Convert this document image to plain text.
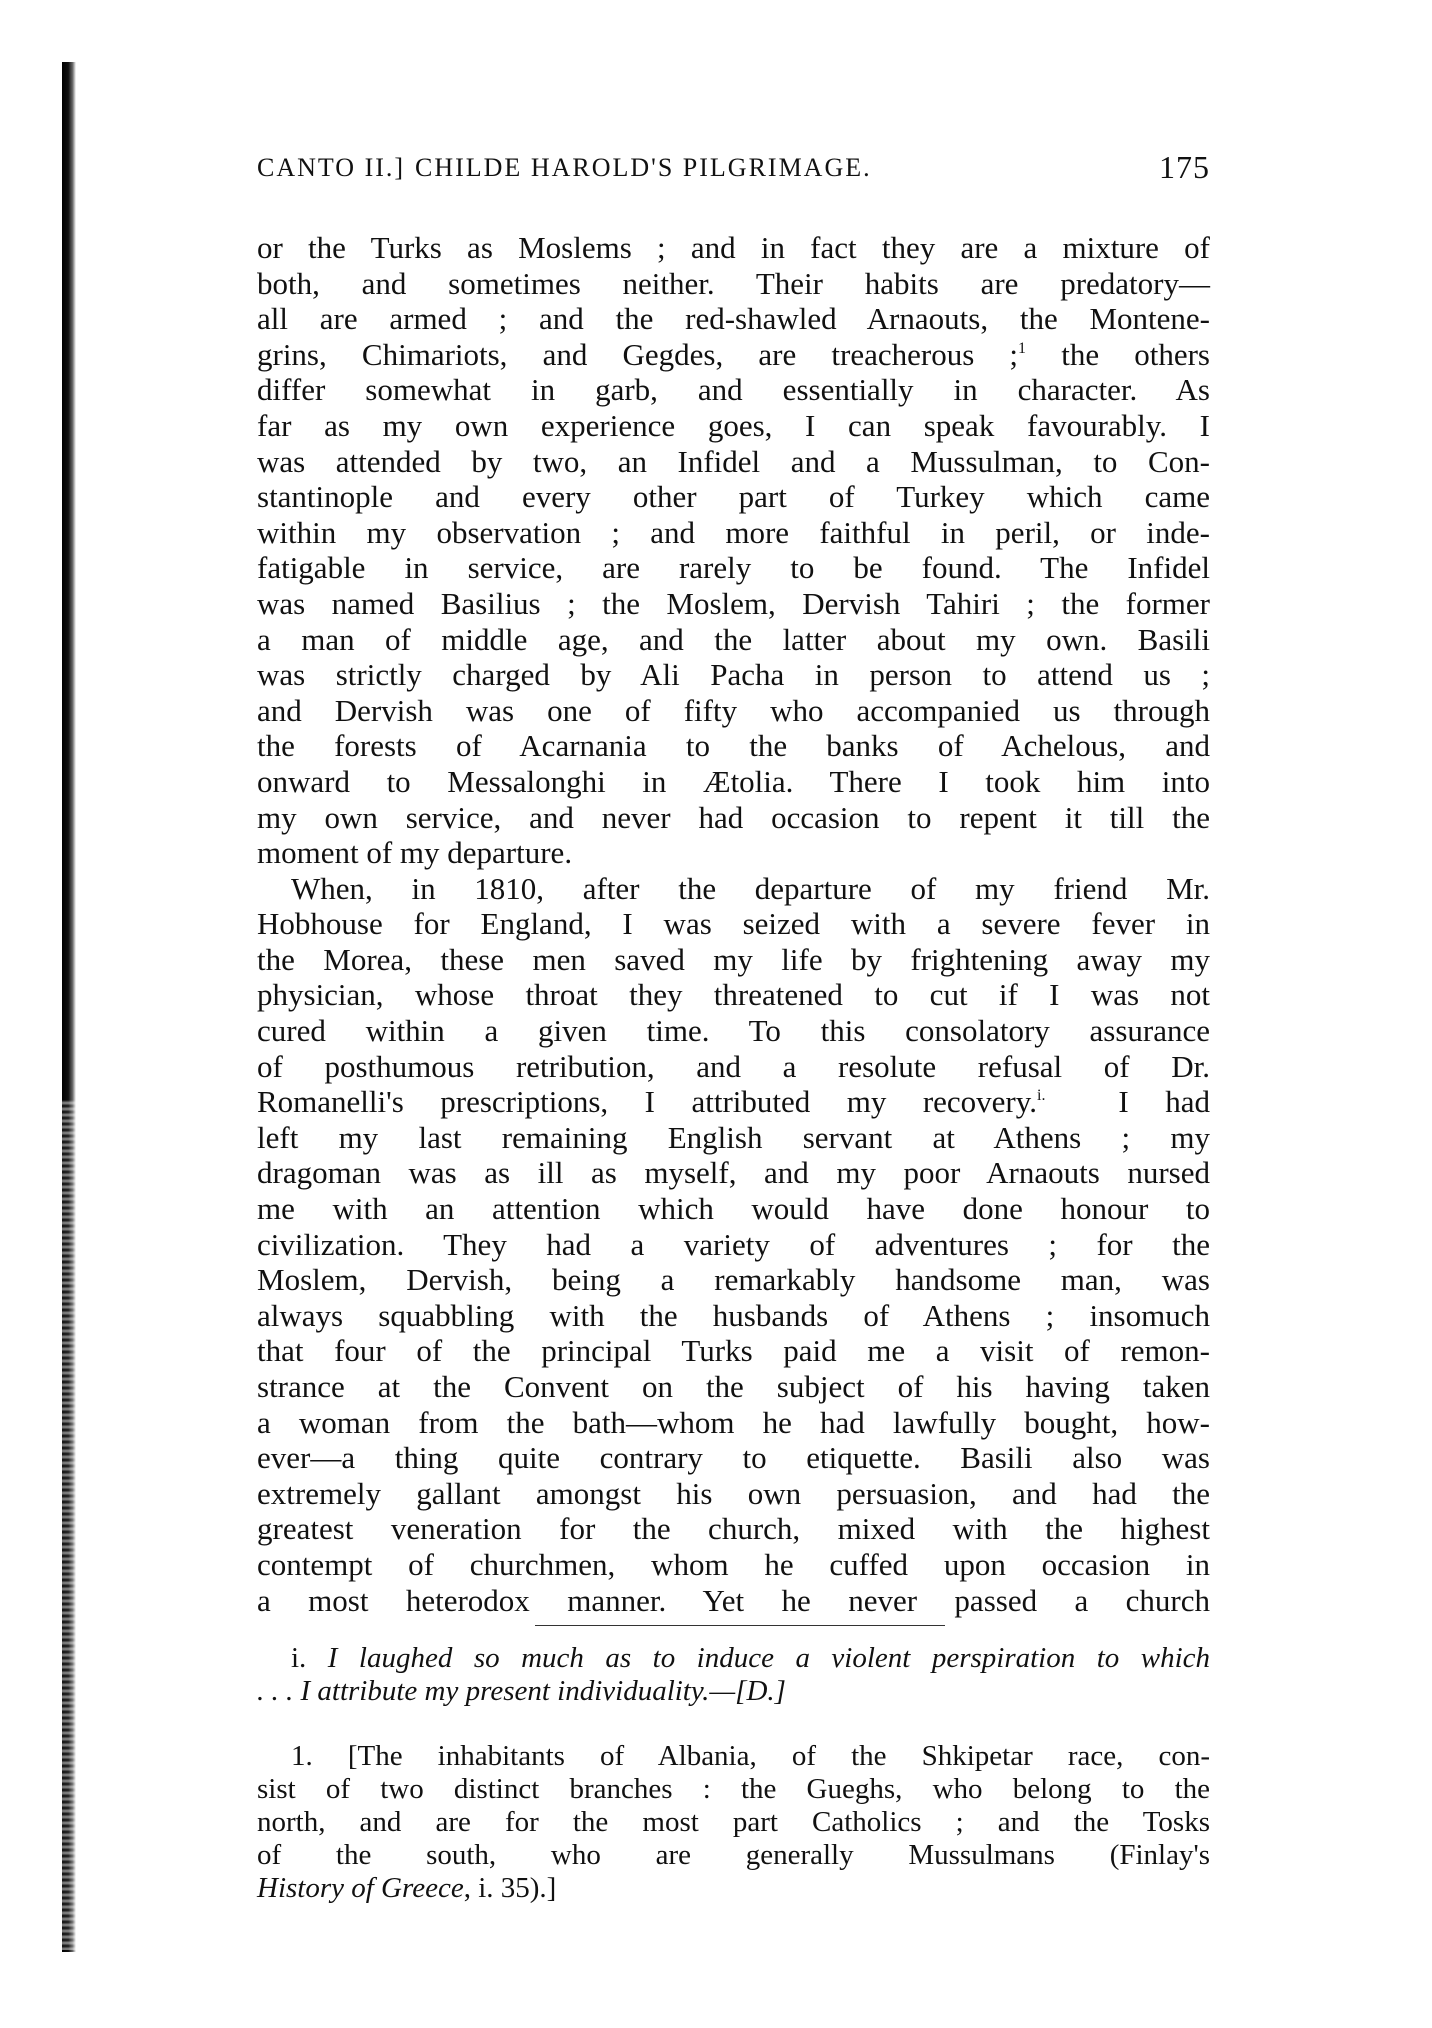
CANTO II.] CHILDE HAROLD'S PILGRIMAGE.	175
or the Turks as Moslems ; and in fact they are a mixture of
both, and sometimes neither. Their habits are predatory—
all are armed ; and the red-shawled Arnaouts, the Montene-
grins, Chimariots, and Gegdes, are treacherous ;$^1$ the others
differ somewhat in garb, and essentially in character. As
far as my own experience goes, I can speak favourably. I
was attended by two, an Infidel and a Mussulman, to Con-
stantinople and every other part of Turkey which came
within my observation ; and more faithful in peril, or inde-
fatigable in service, are rarely to be found. The Infidel
was named Basilius ; the Moslem, Dervish Tahiri ; the former
a man of middle age, and the latter about my own. Basili
was strictly charged by Ali Pacha in person to attend us ;
and Dervish was one of fifty who accompanied us through
the forests of Acarnania to the banks of Achelous, and
onward to Messalonghi in Ætolia. There I took him into
my own service, and never had occasion to repent it till the
moment of my departure.
When, in 1810, after the departure of my friend Mr.
Hobhouse for England, I was seized with a severe fever in
the Morea, these men saved my life by frightening away my
physician, whose throat they threatened to cut if I was not
cured within a given time. To this consolatory assurance
of posthumous retribution, and a resolute refusal of Dr.
Romanelli's prescriptions, I attributed my recovery.$^{i.}$ I had
left my last remaining English servant at Athens ; my
dragoman was as ill as myself, and my poor Arnaouts nursed
me with an attention which would have done honour to
civilization. They had a variety of adventures ; for the
Moslem, Dervish, being a remarkably handsome man, was
always squabbling with the husbands of Athens ; insomuch
that four of the principal Turks paid me a visit of remon-
strance at the Convent on the subject of his having taken
a woman from the bath—whom he had lawfully bought, how-
ever—a thing quite contrary to etiquette. Basili also was
extremely gallant amongst his own persuasion, and had the
greatest veneration for the church, mixed with the highest
contempt of churchmen, whom he cuffed upon occasion in
a most heterodox manner. Yet he never passed a church
i. I laughed so much as to induce a violent perspiration to which
. . . I attribute my present individuality.—[D.]
1. [The inhabitants of Albania, of the Shkipetar race, con-
sist of two distinct branches : the Gueghs, who belong to the
north, and are for the most part Catholics ; and the Tosks
of the south, who are generally Mussulmans (Finlay's
History of Greece, i. 35).]
